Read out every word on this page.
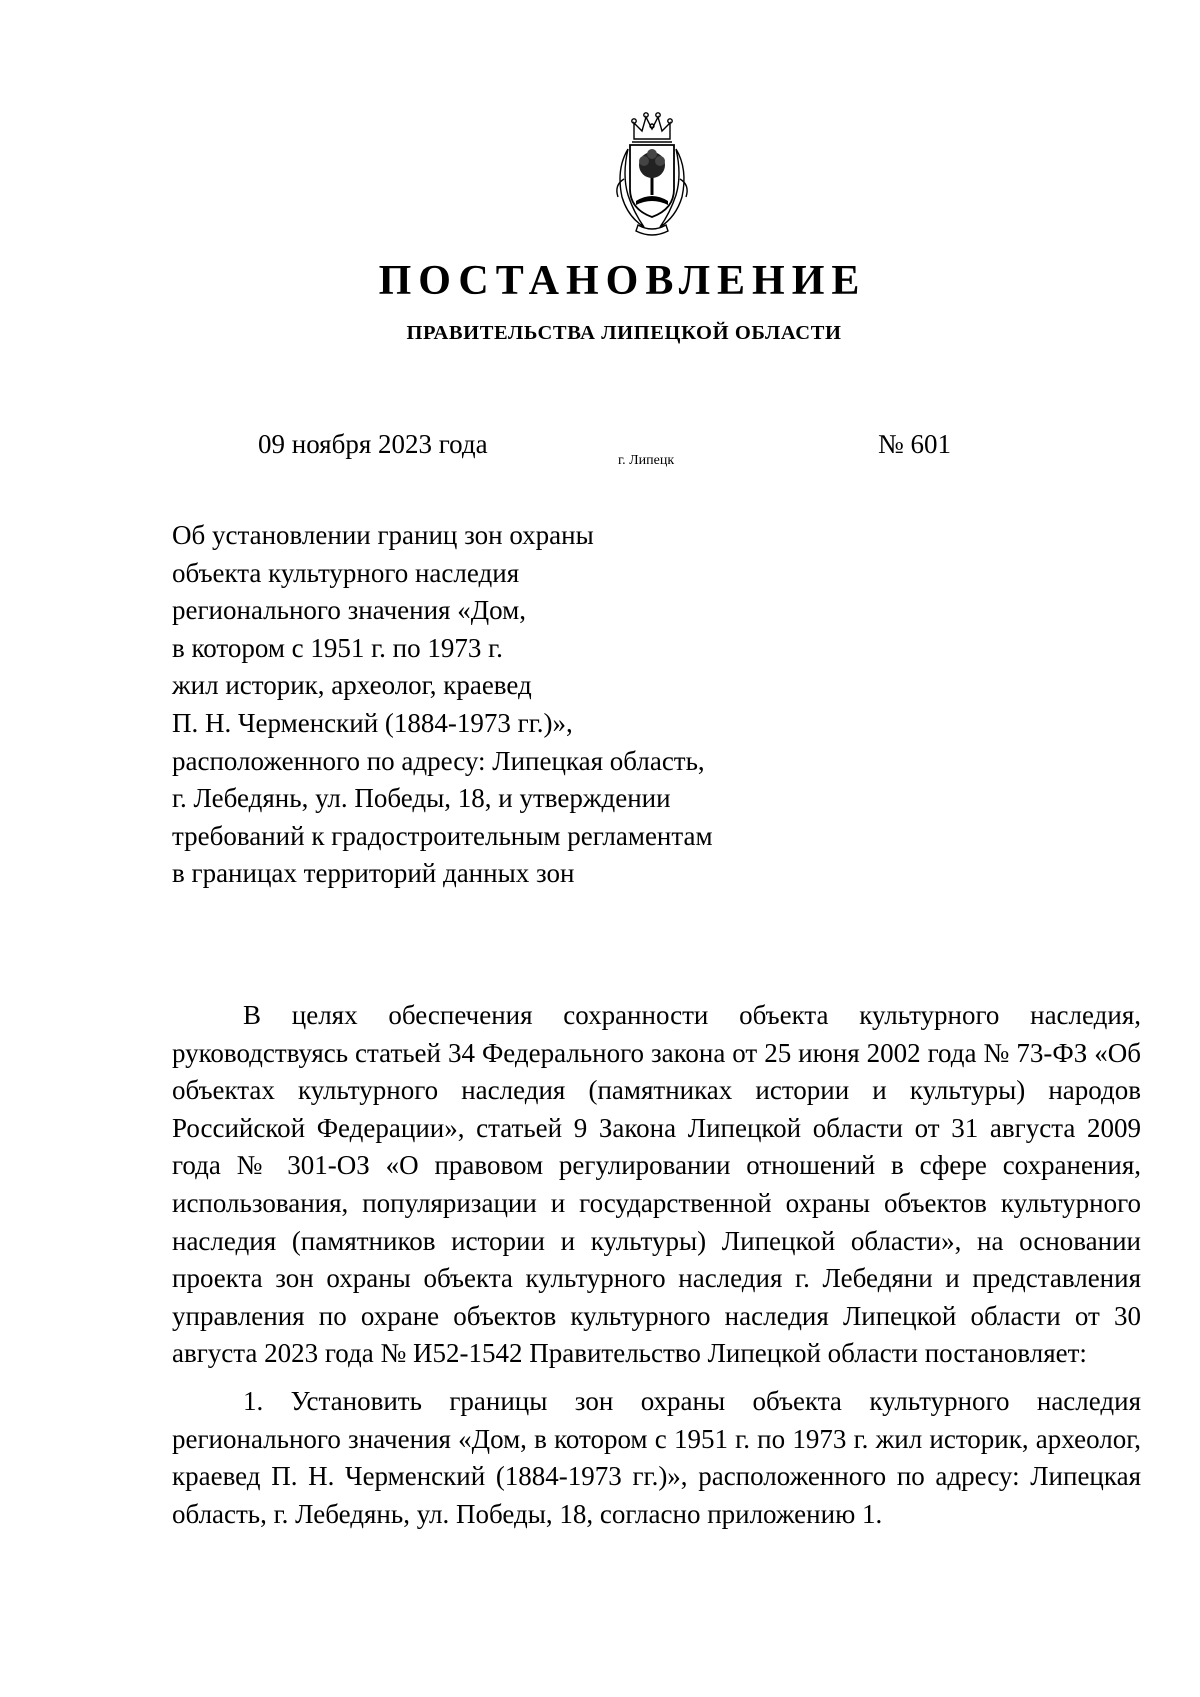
ПОСТАНОВЛЕНИЕ
ПРАВИТЕЛЬСТВА ЛИПЕЦКОЙ ОБЛАСТИ
09 ноября 2023 года
г. Липецк
№ 601
Об установлении границ зон охраны
объекта культурного наследия
регионального значения «Дом,
в котором с 1951 г. по 1973 г.
жил историк, археолог, краевед
П. Н. Черменский (1884-1973 гг.)»,
расположенного по адресу: Липецкая область,
г. Лебедянь, ул. Победы, 18, и утверждении
требований к градостроительным регламентам
в границах территорий данных зон
В целях обеспечения сохранности объекта культурного наследия, руководствуясь статьей 34 Федерального закона от 25 июня 2002 года № 73-ФЗ «Об объектах культурного наследия (памятниках истории и культуры) народов Российской Федерации», статьей 9 Закона Липецкой области от 31 августа 2009 года № 301-ОЗ «О правовом регулировании отношений в сфере сохранения, использования, популяризации и государственной охраны объектов культурного наследия (памятников истории и культуры) Липецкой области», на основании проекта зон охраны объекта культурного наследия г. Лебедяни и представления управления по охране объектов культурного наследия Липецкой области от 30 августа 2023 года № И52-1542 Правительство Липецкой области постановляет:
1. Установить границы зон охраны объекта культурного наследия регионального значения «Дом, в котором с 1951 г. по 1973 г. жил историк, археолог, краевед П. Н. Черменский (1884-1973 гг.)», расположенного по адресу: Липецкая область, г. Лебедянь, ул. Победы, 18, согласно приложению 1.
